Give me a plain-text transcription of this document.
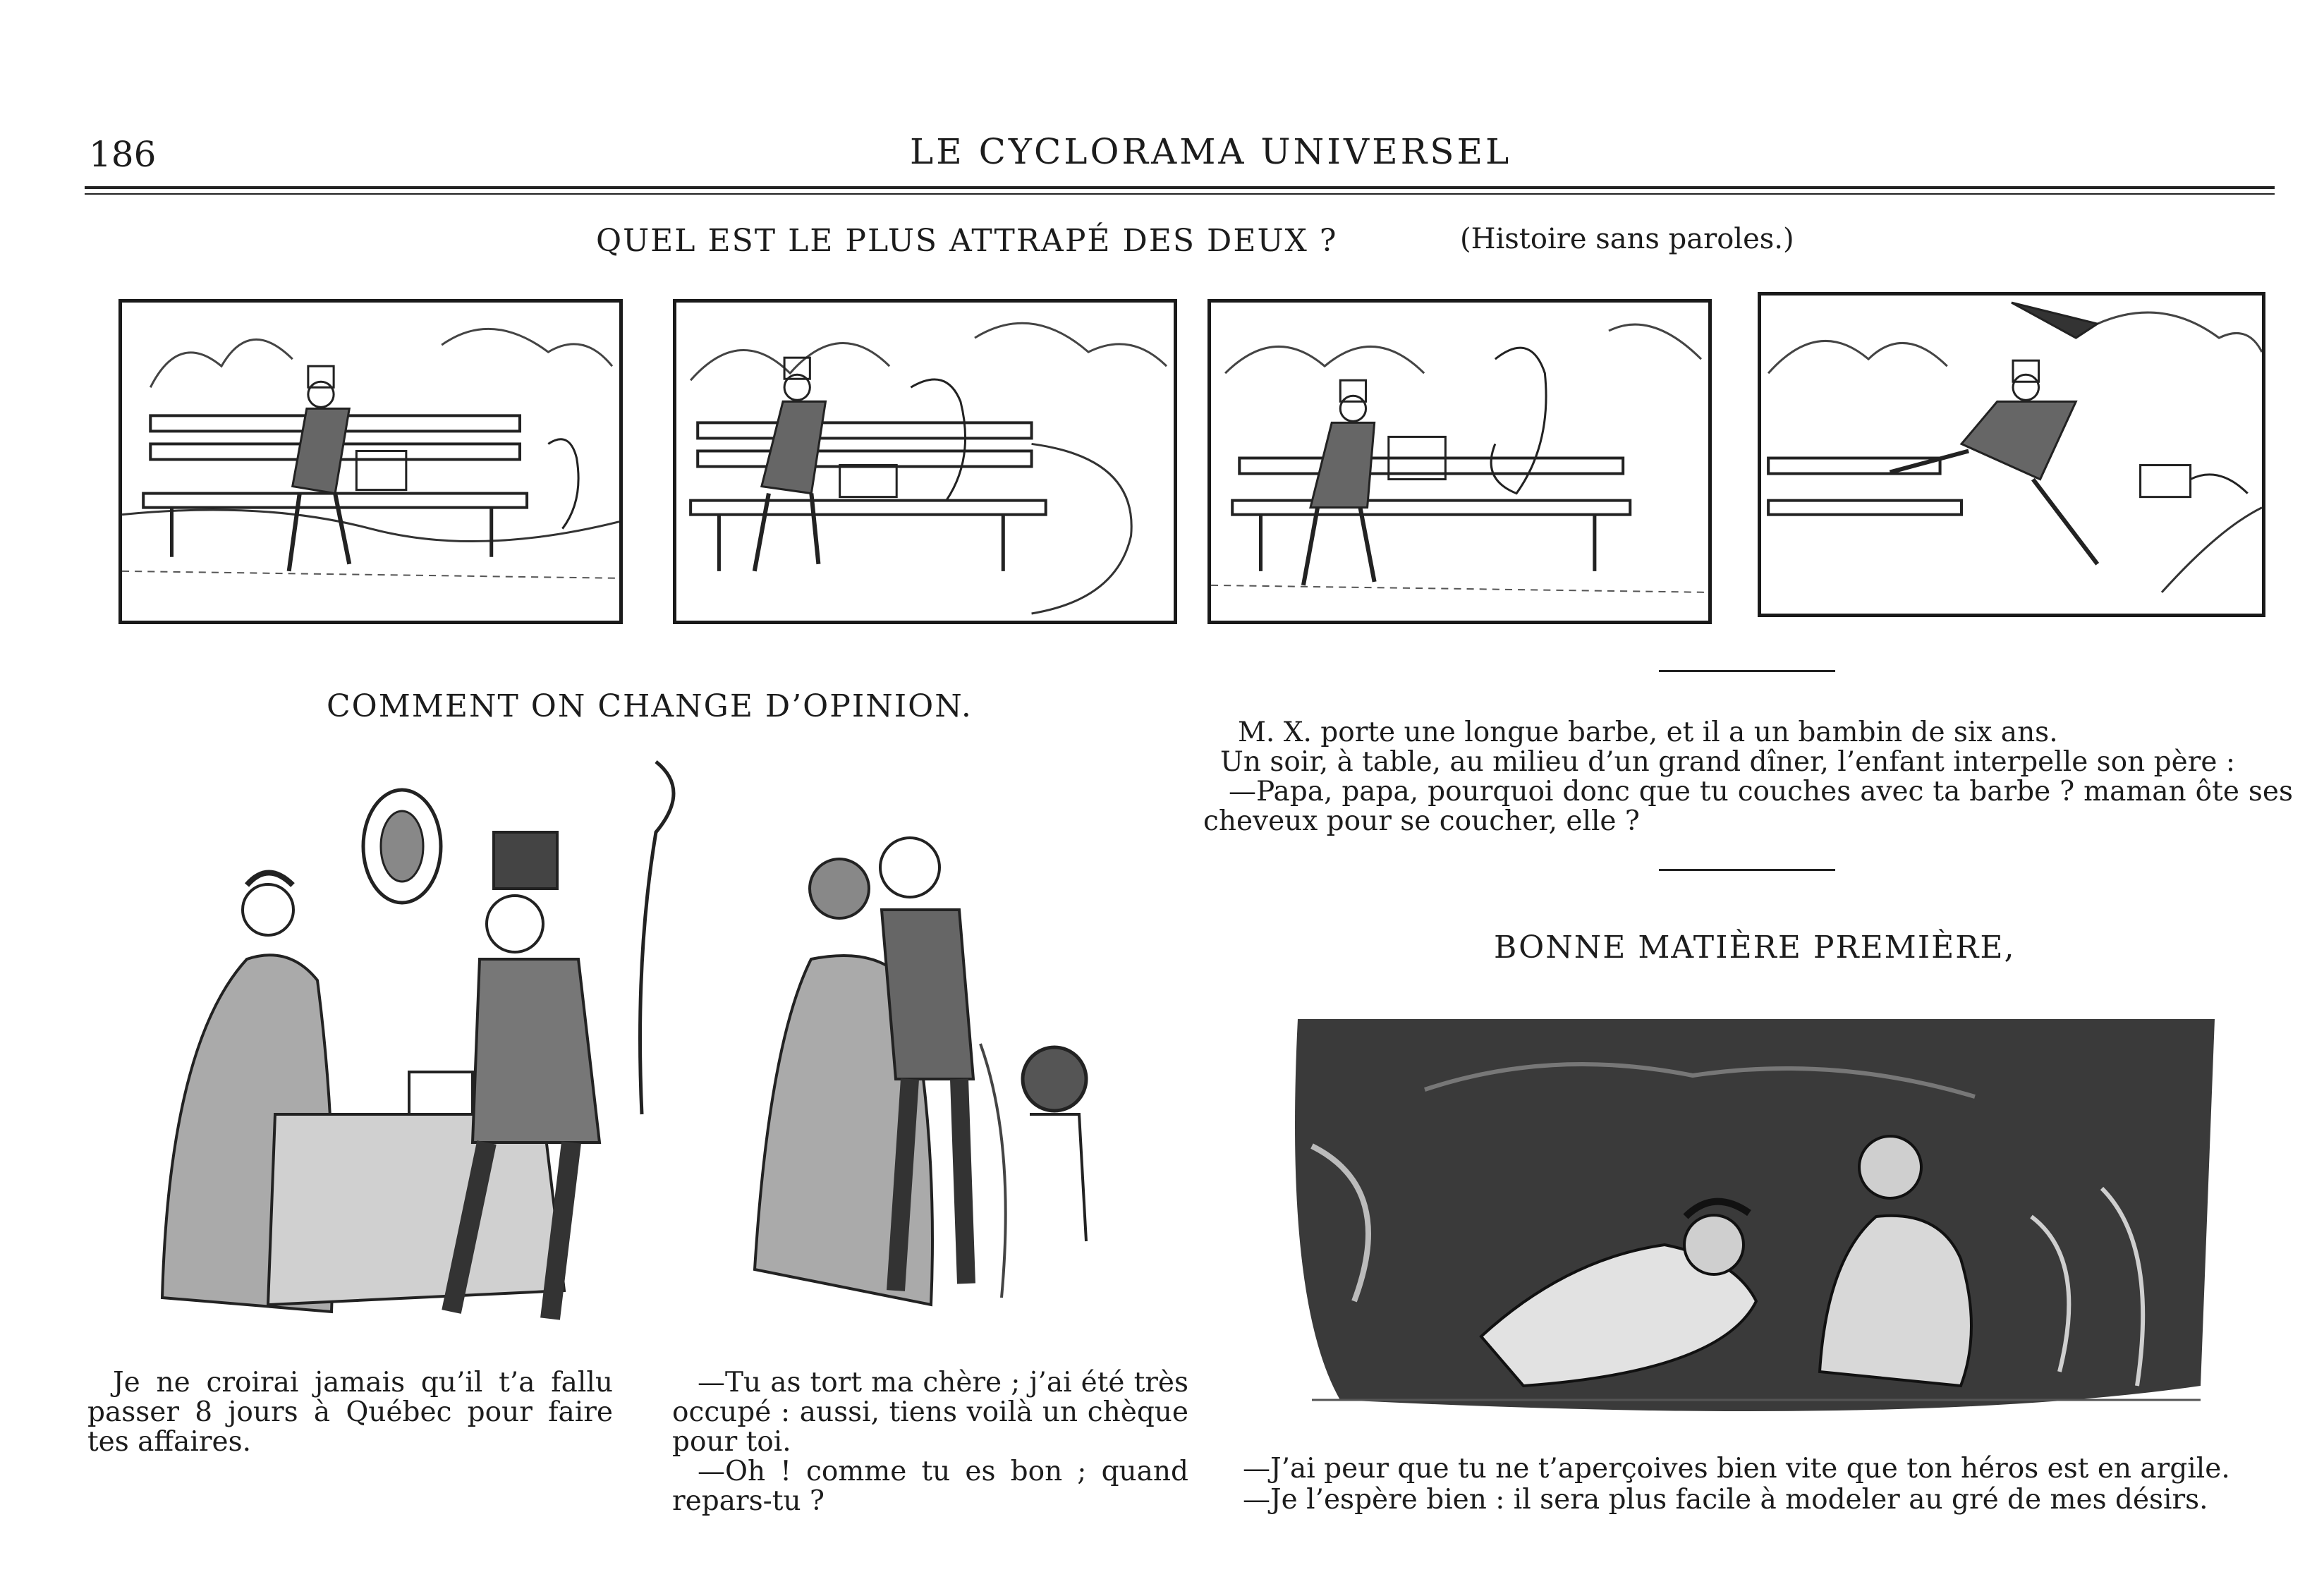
186	LE CYCLORAMA UNIVERSEL
QUEL EST LE PLUS ATTRAPÉ DES DEUX ?	(Histoire sans paroles.)
COMMENT ON CHANGE D’OPINION.

Je ne croirai jamais qu’il t’a fallu passer 8 jours à Québec pour faire tes affaires.

—Tu as tort ma chère ; j’ai été très occupé : aussi, tiens voilà un chèque pour toi.

—Oh ! comme tu es bon ; quand repars-tu ?

M. X. porte une longue barbe, et il a un bambin de six ans.

Un soir, à table, au milieu d’un grand dîner, l’enfant interpelle son père :

—Papa, papa, pourquoi donc que tu couches avec ta barbe ? maman ôte ses cheveux pour se coucher, elle ?

BONNE MATIÈRE PREMIÈRE,

—J’ai peur que tu ne t’aperçoives bien vite que ton héros est en argile.

—Je l’espère bien : il sera plus facile à modeler au gré de mes désirs.
